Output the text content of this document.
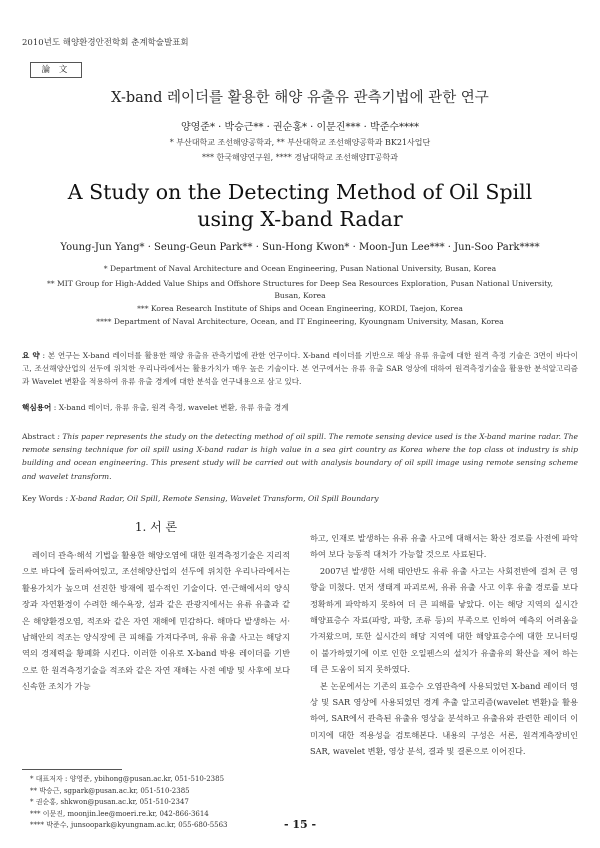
2010년도 해양환경안전학회 춘계학술발표회
論 文
X-band 레이더를 활용한 해양 유출유 관측기법에 관한 연구
양영준* · 박승근** · 권순홍* · 이문진*** · 박준수****
* 부산대학교 조선해양공학과, ** 부산대학교 조선해양공학과 BK21사업단
*** 한국해양연구원, **** 경남대학교 조선해양IT공학과
A Study on the Detecting Method of Oil Spill
using X-band Radar
Young-Jun Yang* · Seung-Geun Park** · Sun-Hong Kwon* · Moon-Jun Lee*** · Jun-Soo Park****
* Department of Naval Architecture and Ocean Engineering, Pusan National University, Busan, Korea
** MIT Group for High-Added Value Ships and Offshore Structures for Deep Sea Resources Exploration, Pusan National University,
Busan, Korea
*** Korea Research Institute of Ships and Ocean Engineering, KORDI, Taejon, Korea
**** Department of Naval Architecture, Ocean, and IT Engineering, Kyoungnam University, Masan, Korea
요 약 : 본 연구는 X-band 레이더를 활용한 해양 유출유 관측기법에 관한 연구이다. X-band 레이더를 기반으로 해상 유류 유출에 대한 원격 측정 기술은 3면이 바다이고, 조선해양산업의 선두에 위치한 우리나라에서는 활용가치가 매우 높은 기술이다. 본 연구에서는 유류 유출 SAR 영상에 대하여 원격측정기술을 활용한 분석알고리즘과 Wavelet 변환을 적용하여 유류 유출 경계에 대한 분석을 연구내용으로 삼고 있다.
핵심용어 : X-band 레이더, 유류 유출, 원격 측정, wavelet 변환, 유류 유출 경계
Abstract : This paper represents the study on the detecting method of oil spill. The remote sensing device used is the X-band marine radar. The remote sensing technique for oil spill using X-band radar is high value in a sea girt country as Korea where the top class ot industry is ship building and ocean engineering. This present study will be carried out with analysis boundary of oil spill image using remote sensing scheme and wavelet transform.
Key Words : X-band Radar, Oil Spill, Remote Sensing, Wavelet Transform, Oil Spill Boundary
1. 서 론

레이더 관측·해석 기법을 활용한 해양오염에 대한 원격측정기술은 지리적으로 바다에 둘러싸여있고, 조선해양산업의 선두에 위치한 우리나라에서는 활용가치가 높으며 선진한 방재에 필수적인 기술이다. 연·근해에서의 양식장과 자연환경이 수려한 해수욕장, 섬과 같은 관광지에서는 유류 유출과 같은 해양환경오염, 적조와 같은 자연 재해에 민감하다. 해마다 발생하는 서·남해안의 적조는 양식장에 큰 피해를 가져다주며, 유류 유출 사고는 해당지역의 경제력을 황폐화 시킨다. 이러한 이유로 X-band 박용 레이더를 기반으로 한 원격측정기술을 적조와 같은 자연 재해는 사전 예방 및 사후에 보다 신속한 조치가 가능

하고, 인재로 발생하는 유류 유출 사고에 대해서는 확산 경로를 사전에 파악하여 보다 능동적 대처가 가능할 것으로 사료된다.

2007년 발생한 서해 태안반도 유류 유출 사고는 사회전반에 걸쳐 큰 영향을 미쳤다. 먼저 생태계 파괴로써, 유류 유출 사고 이후 유출 경로를 보다 정확하게 파악하지 못하여 더 큰 피해를 낳았다. 이는 해당 지역의 실시간 해양표층수 자료(파랑, 파향, 조류 등)의 부족으로 인하여 예측의 어려움을 가져왔으며, 또한 실시간의 해당 지역에 대한 해양표층수에 대한 모니터링이 불가하였기에 이로 인한 오일펜스의 설치가 유출유의 확산을 제어 하는데 큰 도움이 되지 못하였다.

본 논문에서는 기존의 표층수 오염관측에 사용되었던 X-band 레이더 영상 및 SAR 영상에 사용되었던 경계 추출 알고리즘(wavelet 변환)을 활용하여, SAR에서 관측된 유출유 영상을 분석하고 유출유와 관련한 레이더 이미지에 대한 적용성을 검토해본다. 내용의 구성은 서론, 원격계측장비인 SAR, wavelet 변환, 영상 분석, 결과 및 결론으로 이어진다.

* 대표저자 : 양영준, ybihong@pusan.ac.kr, 051-510-2385
** 박승근, sgpark@pusan.ac.kr, 051-510-2385
* 권순홍, shkwon@pusan.ac.kr, 051-510-2347
*** 이문진, moonjin.lee@moeri.re.kr, 042-866-3614
**** 박준수, junsoopark@kyungnam.ac.kr, 055-680-5563	- 15 -
